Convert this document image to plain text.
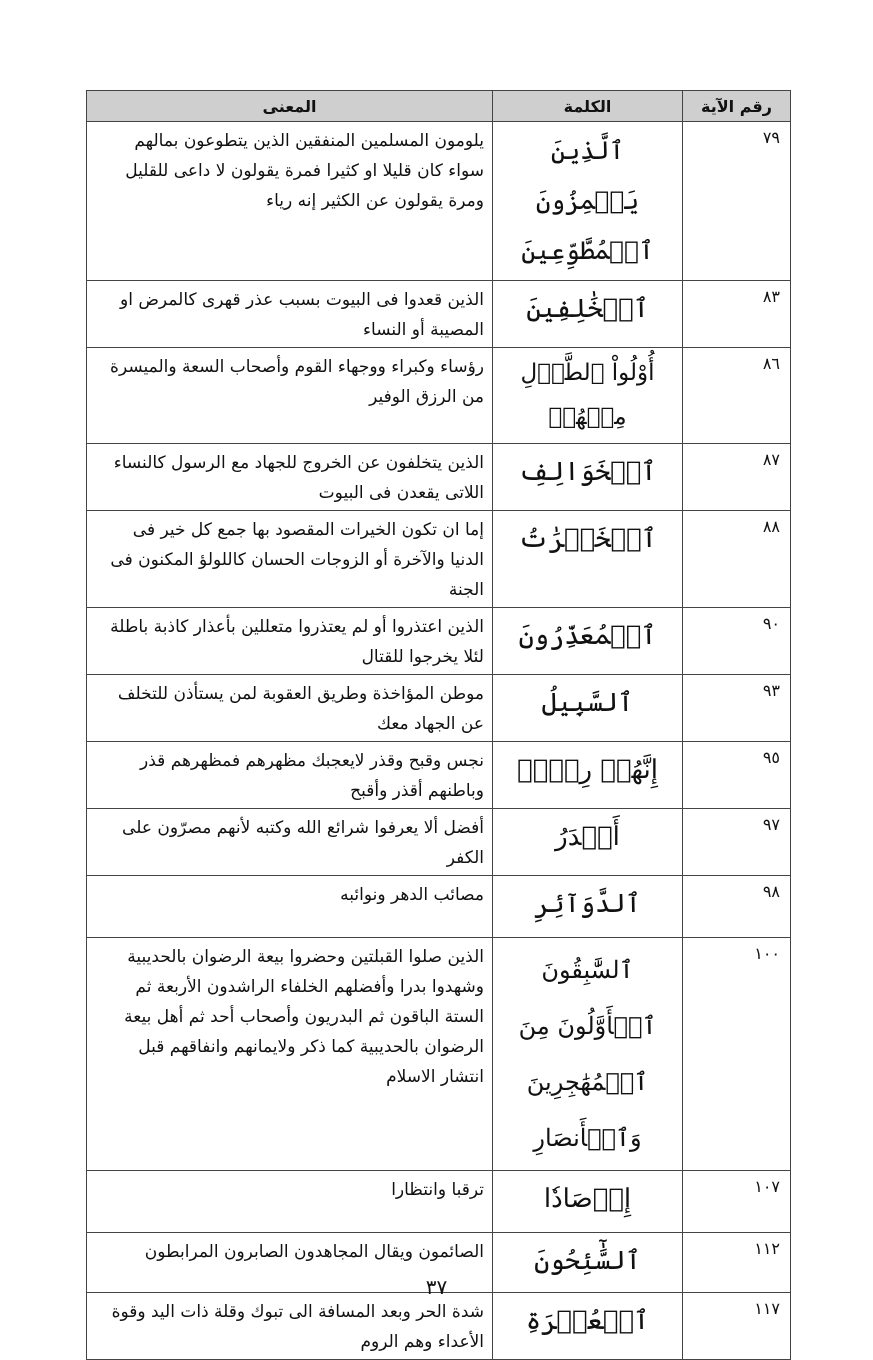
رقم الآية	الكلمة	المعنى
٧٩	ٱلَّذِينَ يَلۡمِزُونَ ٱلۡمُطَّوِّعِينَ	يلومون المسلمين المنفقين الذين يتطوعون بمالهم سواء كان قليلا او كثيرا فمرة يقولون لا داعى للقليل ومرة يقولون عن الكثير إنه رياء

٨٣	ٱلۡخَٰلِفِينَ	الذين قعدوا فى البيوت بسبب عذر قهرى كالمرض او المصيبة أو النساء

٨٦	أُوْلُواْ ٱلطَّوۡلِ مِنۡهُمۡ	رؤساء وكبراء ووجهاء القوم وأصحاب السعة والميسرة من الرزق الوفير

٨٧	ٱلۡخَوَالِفِ	الذين يتخلفون عن الخروج للجهاد مع الرسول كالنساء اللاتى يقعدن فى البيوت

٨٨	ٱلۡخَيۡرَٰتُ	إما ان تكون الخيرات المقصود بها جمع كل خير فى الدنيا والآخرة أو الزوجات الحسان كاللولؤ المكنون فى الجنة

٩٠	ٱلۡمُعَذِّرُونَ	الذين اعتذروا أو لم يعتذروا متعللين بأعذار كاذبة باطلة لئلا يخرجوا للقتال

٩٣	ٱلسَّبِيلُ	موطن المؤاخذة وطريق العقوبة لمن يستأذن للتخلف عن الجهاد معك

٩٥	إِنَّهُمۡ رِجۡسٞ	نجس وقبح وقذر لايعجبك مظهرهم فمظهرهم قذر وباطنهم أقذر وأقبح

٩٧	أَجۡدَرُ	أفضل ألا يعرفوا شرائع الله وكتبه لأنهم مصرّون على الكفر

٩٨	ٱلدَّوَآئِرِ	مصائب الدهر ونوائبه

١٠٠	ٱلسَّٰبِقُونَ ٱلۡأَوَّلُونَ مِنَ ٱلۡمُهَٰجِرِينَ وَٱلۡأَنصَارِ	الذين صلوا القبلتين وحضروا بيعة الرضوان بالحديبية وشهدوا بدرا وأفضلهم الخلفاء الراشدون الأربعة ثم الستة الباقون ثم البدريون وأصحاب أحد ثم أهل بيعة الرضوان بالحديبية كما ذكر ولايمانهم وانفاقهم قبل انتشار الاسلام

١٠٧	إِرۡصَادٗا	ترقبا وانتظارا

١١٢	ٱلسَّٰٓئِحُونَ	الصائمون ويقال المجاهدون الصابرون المرابطون

١١٧	ٱلۡعُسۡرَةِ	شدة الحر وبعد المسافة الى تبوك وقلة ذات اليد وقوة الأعداء وهم الروم
٣٧
